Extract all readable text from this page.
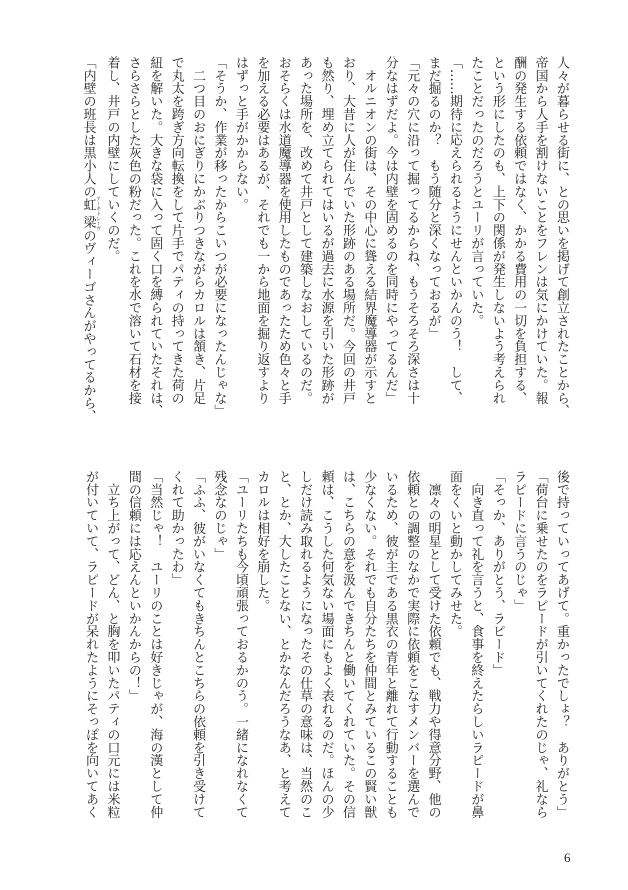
人々が暮らせる街に、との思いを掲げて創立されたことから、
帝国から人手を割けないことをフレンは気にかけていた。報
酬の発生する依頼ではなく、かかる費用の一切を負担する、
という形にしたのも、上下の関係が発生しないよう考えられ
たことだったのだろうとユーリが言っていた。
「……期待に応えられるようにせんといかんのう！　して、
まだ掘るのか？　もう随分と深くなっておるが」
「元々の穴に沿って掘ってるからね、もうそろそろ深さは十
分なはずだよ。今は内壁を固めるのを同時にやってるんだ」
　オルニオンの街は、その中心に聳える結界魔導器が示すと
おり、大昔に人が住んでいた形跡のある場所だ。今回の井戸
も然り、埋め立てられてはいるが過去に水源を引いた形跡が
あった場所を、改めて井戸として建築しなおしているのだ。
おそらくは水道魔導器を使用したものであったため色々と手
を加える必要はあるが、それでも一から地面を掘り返すより
はずっと手がかからない。
「そうか、作業が移ったからこいつが必要になったんじゃな」
　二つ目のおにぎりにかぶりつきながらカロルは頷き、片足
で丸太を跨ぎ方向転換をして片手でパティの持ってきた荷の
紐を解いた。大きな袋に入って固く口を縛られていたそれは、
さらさらとした灰色の粉だった。これを水で溶いて石材を接
着し、井戸の内壁にしていくのだ。
「内壁の班長は黒小人の虹梁 アーキトレーヴのヴィーゴさんがやってるから、
後で持っていってあげて。重かったでしょ？　ありがとう」
「荷台に乗せたのをラピードが引いてくれたのじゃ、礼なら
ラピードに言うのじゃ」
「そっか、ありがとう、ラピード」
　向き直って礼を言うと、食事を終えたらしいラピードが鼻
面をくいと動かしてみせた。
　凛々の明星として受けた依頼でも、戦力や得意分野、他の
依頼との調整のなかで実際に依頼をこなすメンバーを選んで
いるため、彼が主である黒衣の青年と離れて行動することも
少なくない。それでも自分たちを仲間とみているこの賢い獣
は、こちらの意を汲んできちんと働いてくれていた。その信
頼は、こうした何気ない場面にもよく表れるのだ。ほんの少
しだけ読み取れるようになったその仕草の意味は、当然のこ
と、とか、大したことない、とかなんだろうなあ、と考えて
カロルは相好を崩した。
「ユーリたちも今頃頑張っておるかのう。一緒になれなくて
残念なのじゃ」
「ふふ、彼がいなくてもきちんとこちらの依頼を引き受けて
くれて助かったわ」
「当然じゃ！　ユーリのことは好きじゃが、海の漢として仲
間の信頼には応えんといかんからの！」
　立ち上がって、どん、と胸を叩いたパティの口元には米粒
が付いていて、ラピードが呆れたようにそっぽを向いてあく
6
